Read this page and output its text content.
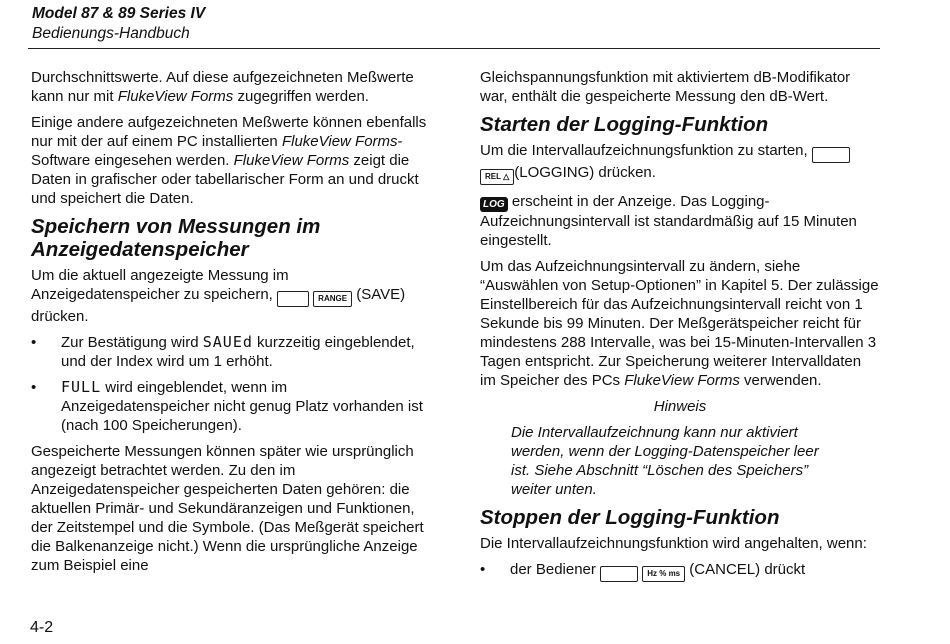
Model 87 & 89 Series IV
Bedienungs-Handbuch

Durchschnittswerte. Auf diese aufgezeichneten Meßwerte kann nur mit FlukeView Forms zugegriffen werden.

Einige andere aufgezeichneten Meßwerte können ebenfalls nur mit der auf einem PC installierten FlukeView Forms-Software eingesehen werden. FlukeView Forms zeigt die Daten in grafischer oder tabellarischer Form an und druckt und speichert die Daten.

Speichern von Messungen im Anzeigedatenspeicher

Um die aktuell angezeigte Messung im Anzeigedatenspeicher zu speichern,	RANGE (SAVE) drücken.

• Zur Bestätigung wird SAUEd kurzzeitig eingeblendet, und der Index wird um 1 erhöht.
• FULL wird eingeblendet, wenn im Anzeigedatenspeicher nicht genug Platz vorhanden ist (nach 100 Speicherungen).

Gespeicherte Messungen können später wie ursprünglich angezeigt betrachtet werden. Zu den im Anzeigedatenspeicher gespeicherten Daten gehören: die aktuellen Primär- und Sekundäranzeigen und Funktionen, der Zeitstempel und die Symbole. (Das Meßgerät speichert die Balkenanzeige nicht.) Wenn die ursprüngliche Anzeige zum Beispiel eine

Gleichspannungsfunktion mit aktiviertem dB-Modifikator war, enthält die gespeicherte Messung den dB-Wert.

Starten der Logging-Funktion

Um die Intervallaufzeichnungsfunktion zu starten,   REL △ (LOGGING) drücken.

LOG erscheint in der Anzeige. Das Logging-Aufzeichnungsintervall ist standardmäßig auf 15 Minuten eingestellt.

Um das Aufzeichnungsintervall zu ändern, siehe “Auswählen von Setup-Optionen” in Kapitel 5. Der zulässige Einstellbereich für das Aufzeichnungsintervall reicht von 1 Sekunde bis 99 Minuten. Der Meßgerätspeicher reicht für mindestens 288 Intervalle, was bei 15-Minuten-Intervallen 3 Tagen entspricht. Zur Speicherung weiterer Intervalldaten im Speicher des PCs FlukeView Forms verwenden.

Hinweis
Die Intervallaufzeichnung kann nur aktiviert werden, wenn der Logging-Datenspeicher leer ist. Siehe Abschnitt “Löschen des Speichers” weiter unten.
Stoppen der Logging-Funktion

Die Intervallaufzeichnungsfunktion wird angehalten, wenn:

• der Bediener	Hz % ms (CANCEL) drückt
4-2
